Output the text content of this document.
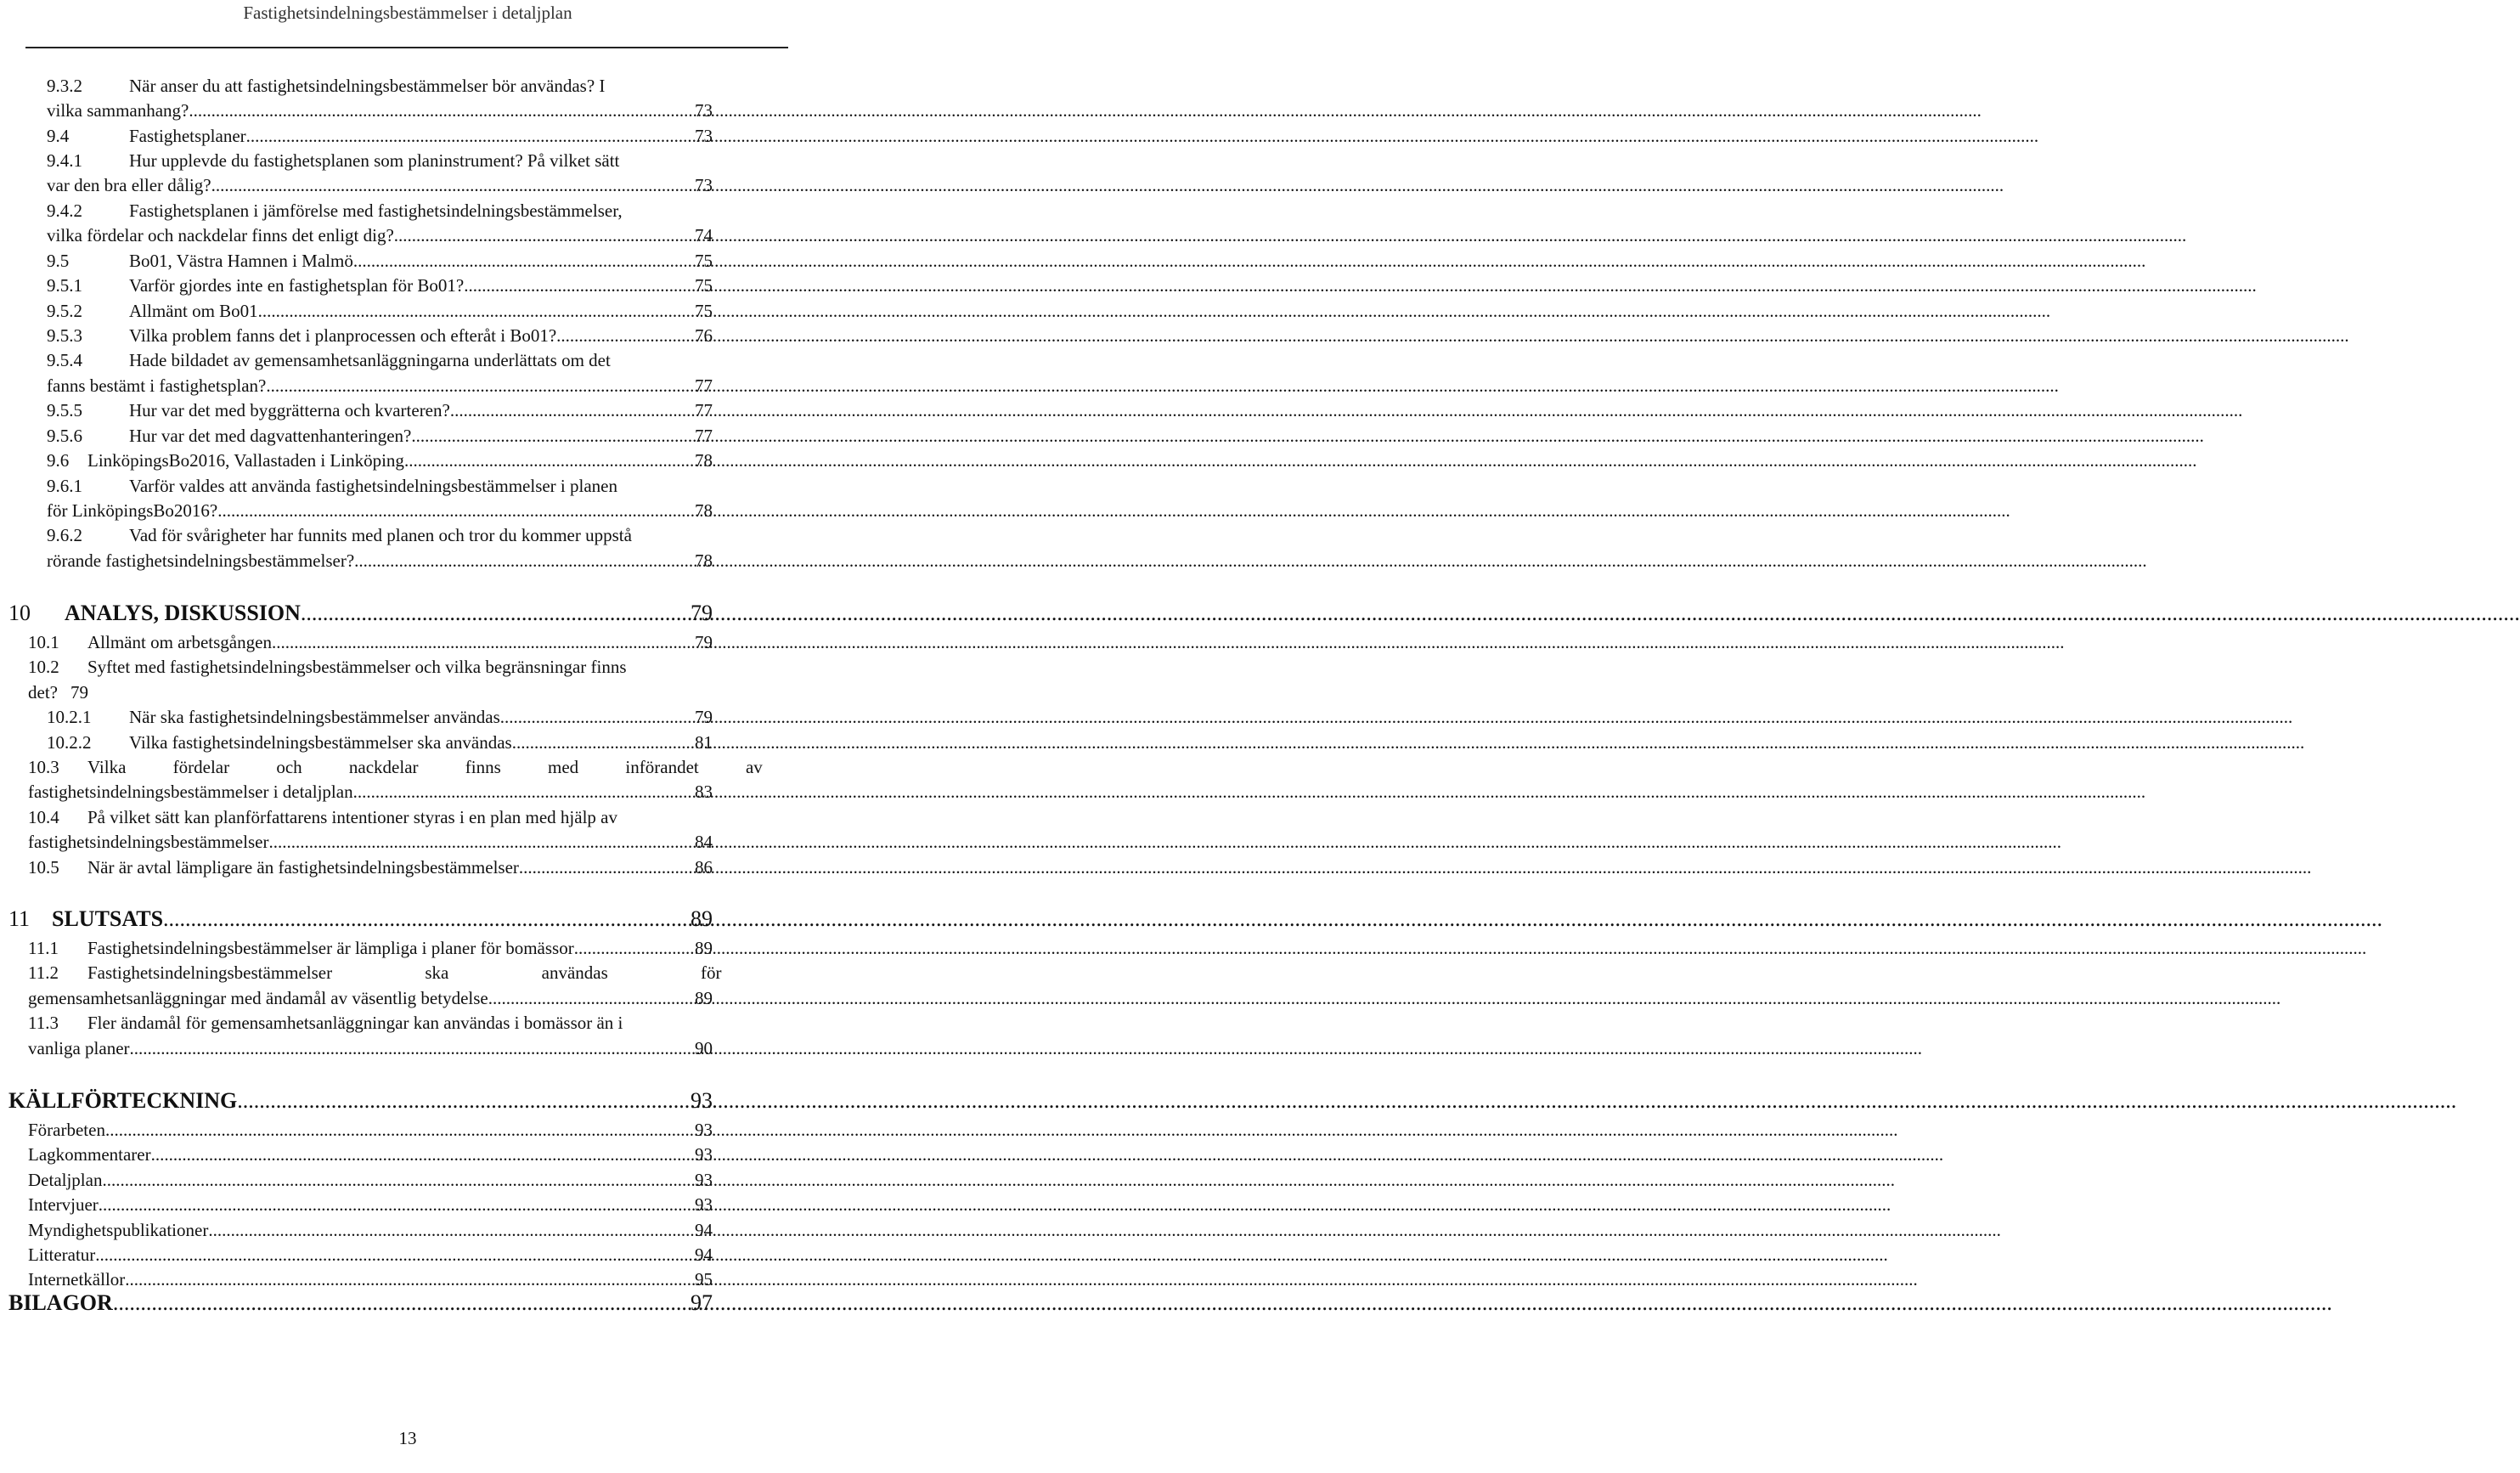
Fastighetsindelningsbestämmelser i detaljplan
9.3.2	När anser du att fastighetsindelningsbestämmelser bör användas? I
vilka sammanhang? .....	73
9.4	Fastighetsplaner .....	73
9.4.1	Hur upplevde du fastighetsplanen som planinstrument? På vilket sätt
var den bra eller dålig? .....	73
9.4.2	Fastighetsplanen i jämförelse med fastighetsindelningsbestämmelser,
vilka fördelar och nackdelar finns det enligt dig? .....	74
9.5	Bo01, Västra Hamnen i Malmö .....	75
9.5.1	Varför gjordes inte en fastighetsplan för Bo01? .....	75
9.5.2	Allmänt om Bo01 .....	75
9.5.3	Vilka problem fanns det i planprocessen och efteråt i Bo01? .....	76
9.5.4	Hade bildadet av gemensamhetsanläggningarna underlättats om det
fanns bestämt i fastighetsplan? .....	77
9.5.5	Hur var det med byggrätterna och kvarteren? .....	77
9.5.6	Hur var det med dagvattenhanteringen? .....	77
9.6	LinköpingsBo2016, Vallastaden i Linköping .....	78
9.6.1	Varför valdes att använda fastighetsindelningsbestämmelser i planen
för LinköpingsBo2016? .....	78
9.6.2	Vad för svårigheter har funnits med planen och tror du kommer uppstå
rörande fastighetsindelningsbestämmelser? .....	78
10	ANALYS, DISKUSSION .....	79
10.1	Allmänt om arbetsgången .....	79
10.2	Syftet med fastighetsindelningsbestämmelser och vilka begränsningar finns
det? 79
10.2.1	När ska fastighetsindelningsbestämmelser användas .....	79
10.2.2	Vilka fastighetsindelningsbestämmelser ska användas .....	81
10.3	Vilka fördelar och nackdelar finns med införandet av
fastighetsindelningsbestämmelser i detaljplan .....	83
10.4	På vilket sätt kan planförfattarens intentioner styras i en plan med hjälp av
fastighetsindelningsbestämmelser .....	84
10.5	När är avtal lämpligare än fastighetsindelningsbestämmelser .....	86
11 SLUTSATS .....	89
11.1	Fastighetsindelningsbestämmelser är lämpliga i planer för bomässor .....	89
11.2	Fastighetsindelningsbestämmelser ska användas för
gemensamhetsanläggningar med ändamål av väsentlig betydelse .....	89
11.3	Fler ändamål för gemensamhetsanläggningar kan användas i bomässor än i
vanliga planer .....	90
KÄLLFÖRTECKNING .....	93
Förarbeten .....	93
Lagkommentarer .....	93
Detaljplan .....	93
Intervjuer .....	93
Myndighetspublikationer .....	94
Litteratur .....	94
Internetkällor .....	95
BILAGOR .....	97
13
